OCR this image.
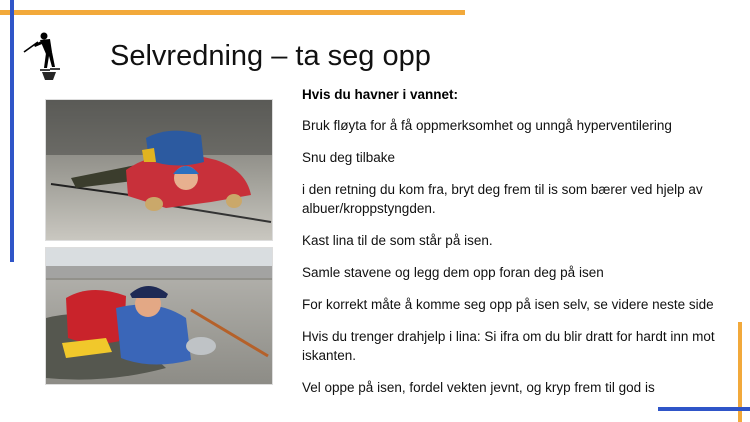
Selvredning – ta seg opp
Hvis du havner i vannet:

Bruk fløyta for å få oppmerksomhet og unngå hyperventilering

Snu deg tilbake

i den retning du kom fra, bryt deg frem til is som bærer ved hjelp av albuer/kroppstyngden.

Kast lina til de som står på isen.

Samle stavene og legg dem opp foran deg på isen

For korrekt måte å komme seg opp på isen selv, se videre neste side

Hvis du trenger drahjelp i lina: Si ifra om du blir dratt for hardt inn mot iskanten.

Vel oppe på isen, fordel vekten jevnt, og kryp frem til god is
